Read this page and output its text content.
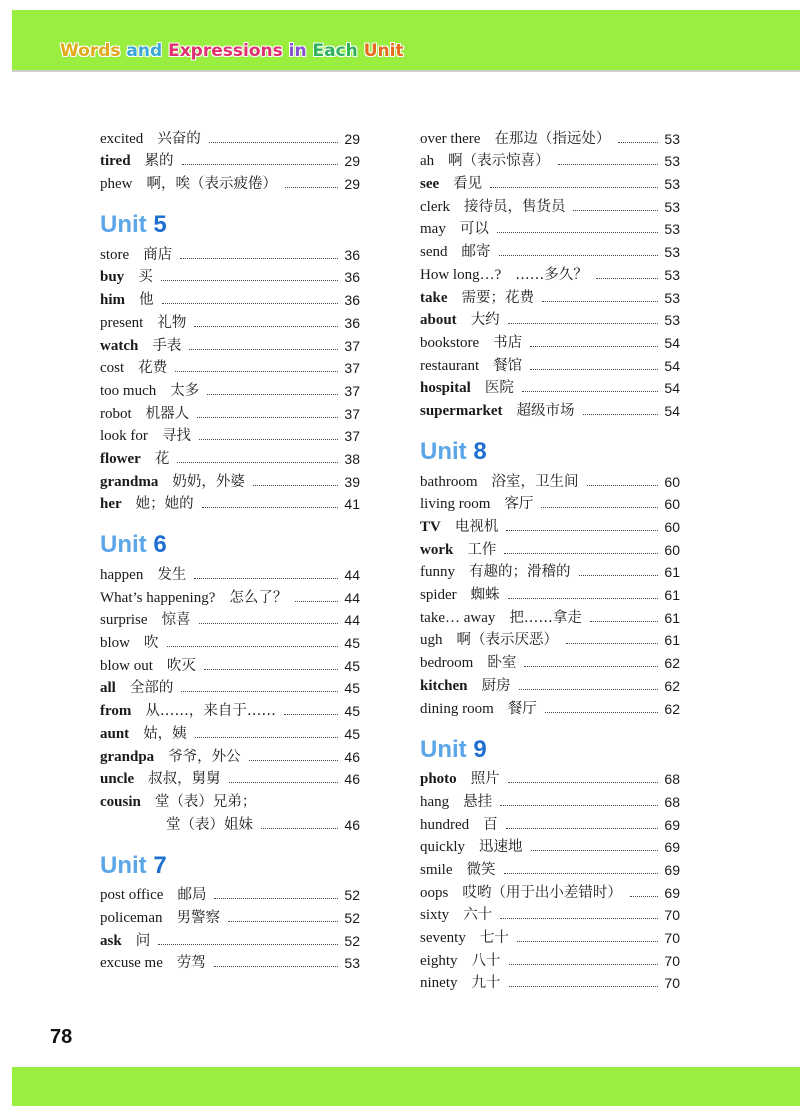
Words and Expressions in Each Unit
excited 兴奋的	29
tired 累的	29
phew 啊，唉（表示疲倦）	29
Unit 5
store 商店	36
buy 买	36
him 他	36
present 礼物	36
watch 手表	37
cost 花费	37
too much 太多	37
robot 机器人	37
look for 寻找	37
flower 花	38
grandma 奶奶，外婆	39
her 她；她的	41
Unit 6
happen 发生	44
What’s happening? 怎么了？	44
surprise 惊喜	44
blow 吹	45
blow out 吹灭	45
all 全部的	45
from 从……，来自于……	45
aunt 姑，姨	45
grandpa 爷爷，外公	46
uncle 叔叔，舅舅	46
cousin 堂（表）兄弟；
堂（表）姐妹	46
Unit 7
post office 邮局	52
policeman 男警察	52
ask 问	52
excuse me 劳驾	53
over there 在那边（指远处）	53
ah 啊（表示惊喜）	53
see 看见	53
clerk 接待员，售货员	53
may 可以	53
send 邮寄	53
How long…? ……多久？	53
take 需要；花费	53
about 大约	53
bookstore 书店	54
restaurant 餐馆	54
hospital 医院	54
supermarket 超级市场	54
Unit 8
bathroom 浴室，卫生间	60
living room 客厅	60
TV 电视机	60
work 工作	60
funny 有趣的；滑稽的	61
spider 蜘蛛	61
take… away 把……拿走	61
ugh 啊（表示厌恶）	61
bedroom 卧室	62
kitchen 厨房	62
dining room 餐厅	62
Unit 9
photo 照片	68
hang 悬挂	68
hundred 百	69
quickly 迅速地	69
smile 微笑	69
oops 哎哟（用于出小差错时）	69
sixty 六十	70
seventy 七十	70
eighty 八十	70
ninety 九十	70
78
